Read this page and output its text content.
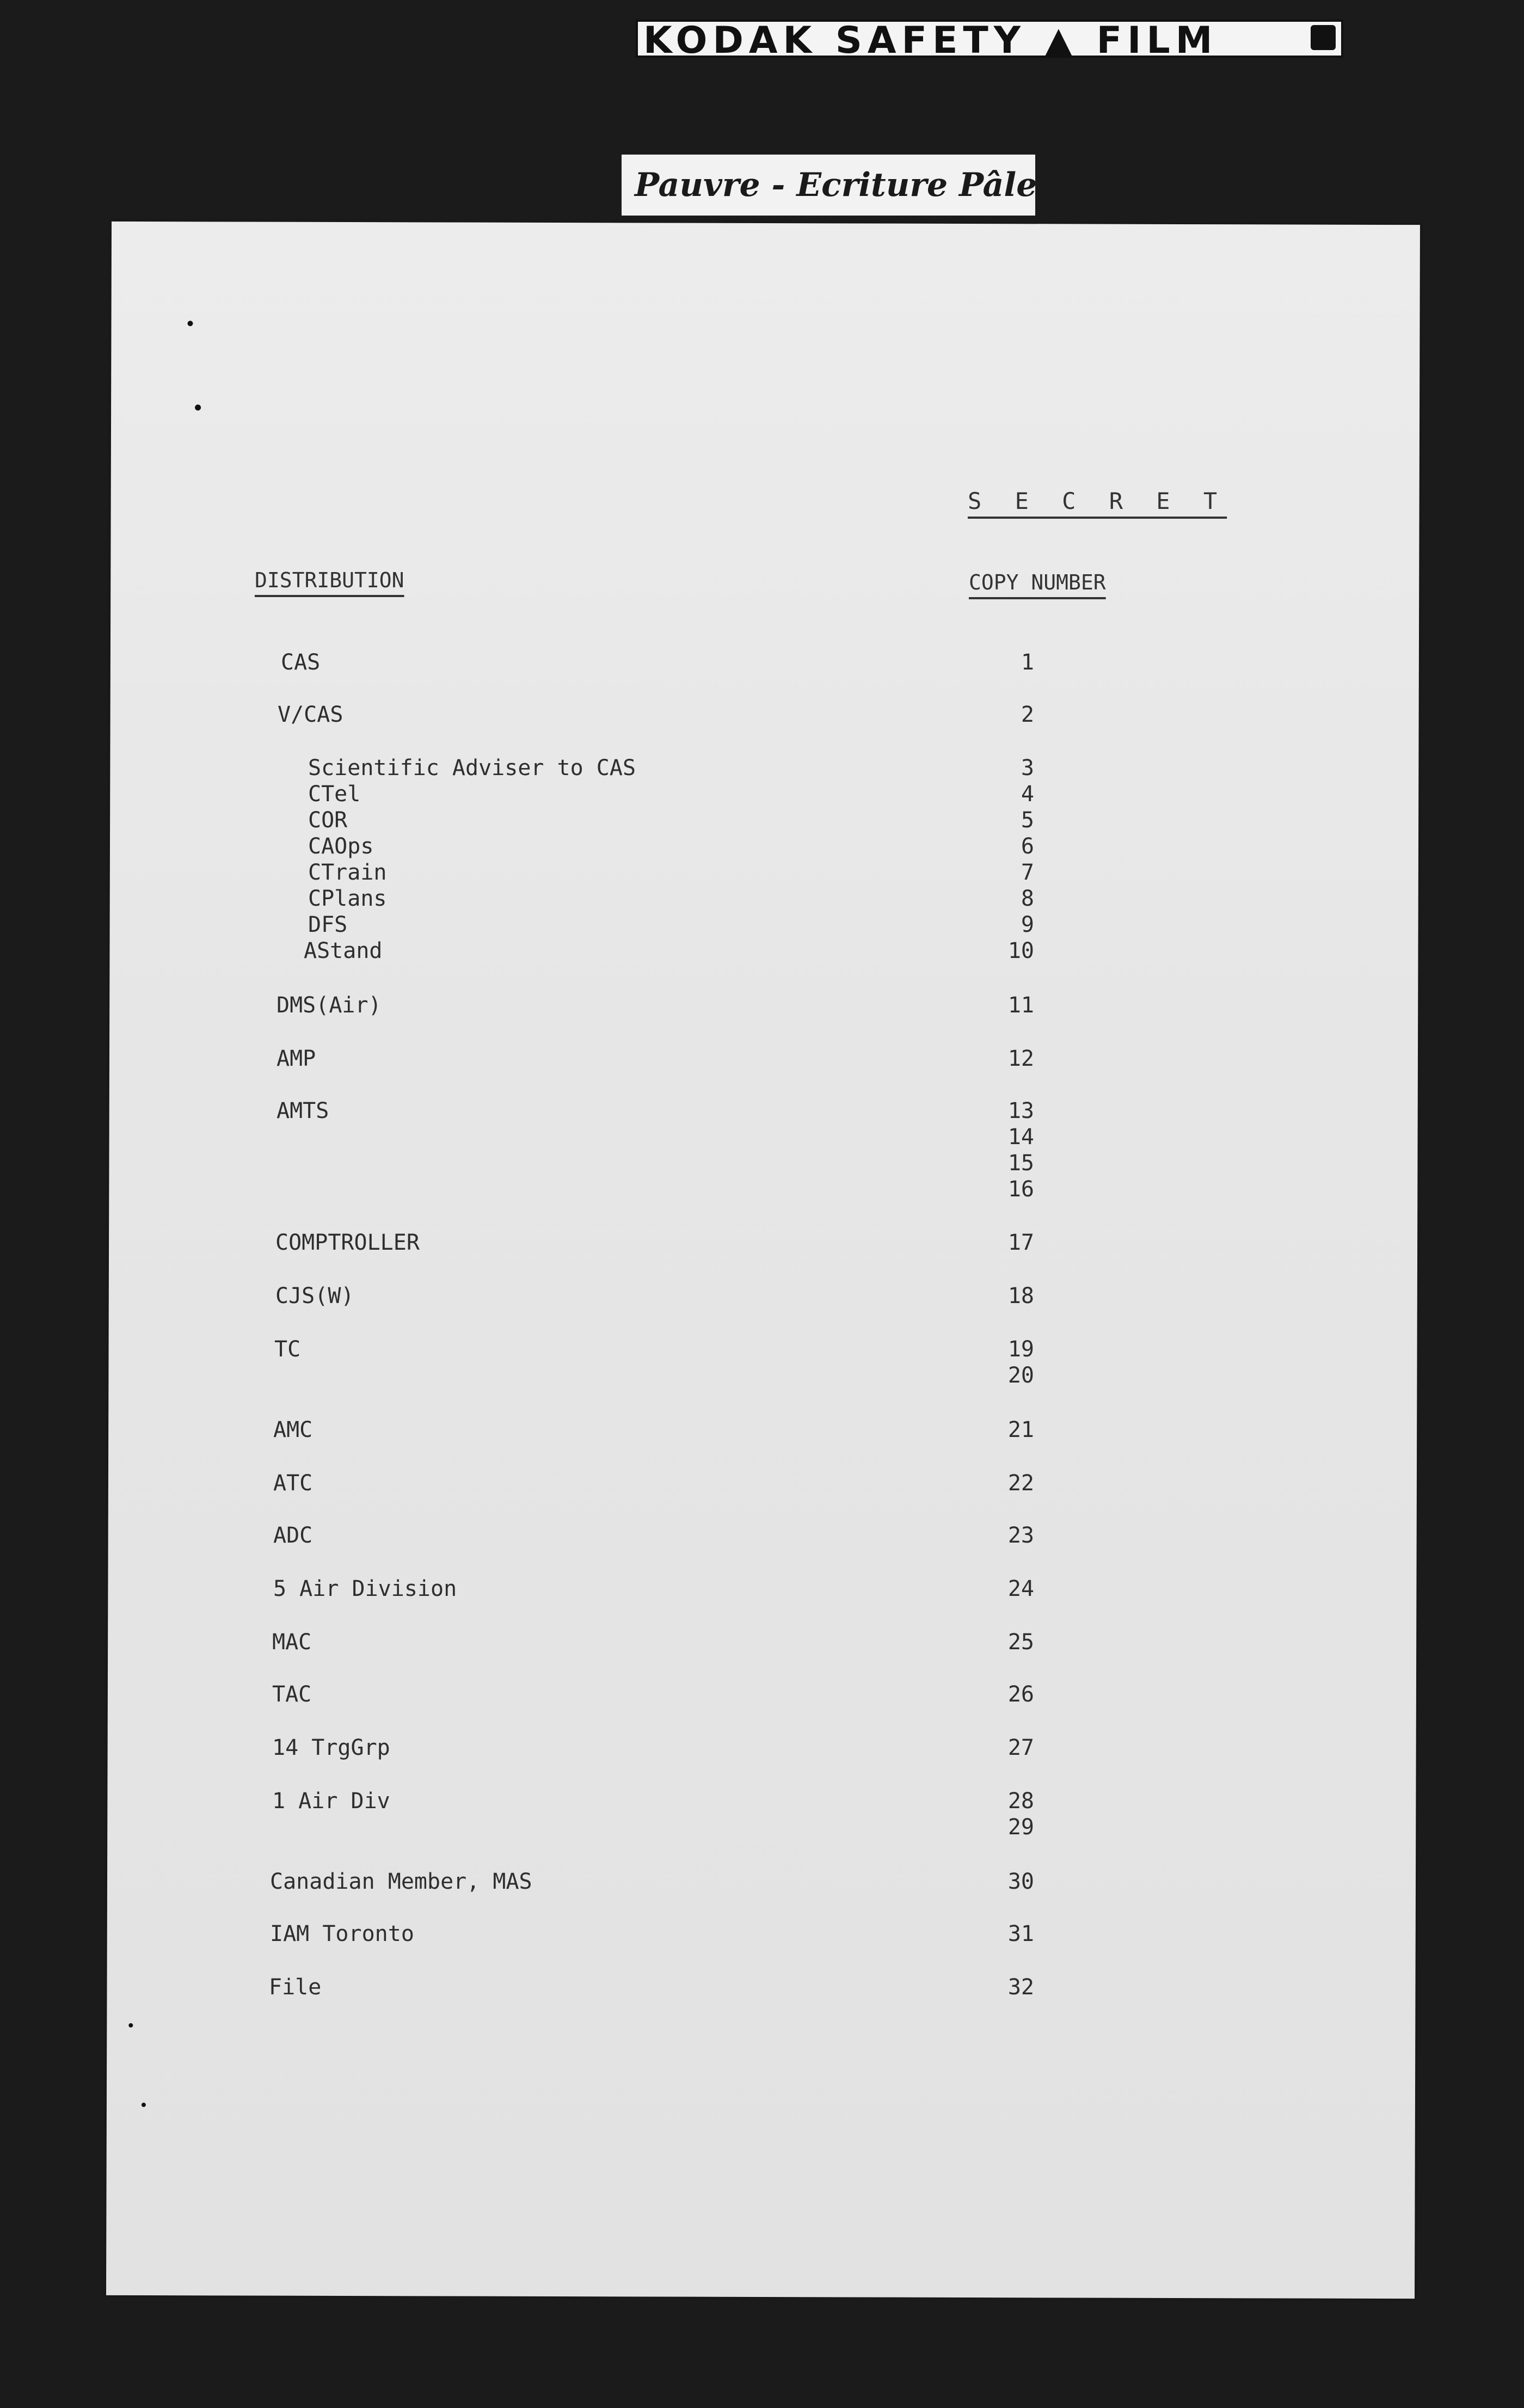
KODAK SAFETY ▲ FILM
Pauvre - Ecriture Pâle
S E C R E T
DISTRIBUTION	COPY NUMBER
CAS	1
V/CAS	2
Scientific Adviser to CAS	3
CTel	4
COR	5
CAOps	6
CTrain	7
CPlans	8
DFS	9
AStand	10
DMS(Air)	11
AMP	12
AMTS	13
14
15
16
COMPTROLLER	17
CJS(W)	18
TC	19
20
AMC	21
ATC	22
ADC	23
5 Air Division	24
MAC	25
TAC	26
14 TrgGrp	27
1 Air Div	28
29
Canadian Member, MAS	30
IAM Toronto	31
File	32
